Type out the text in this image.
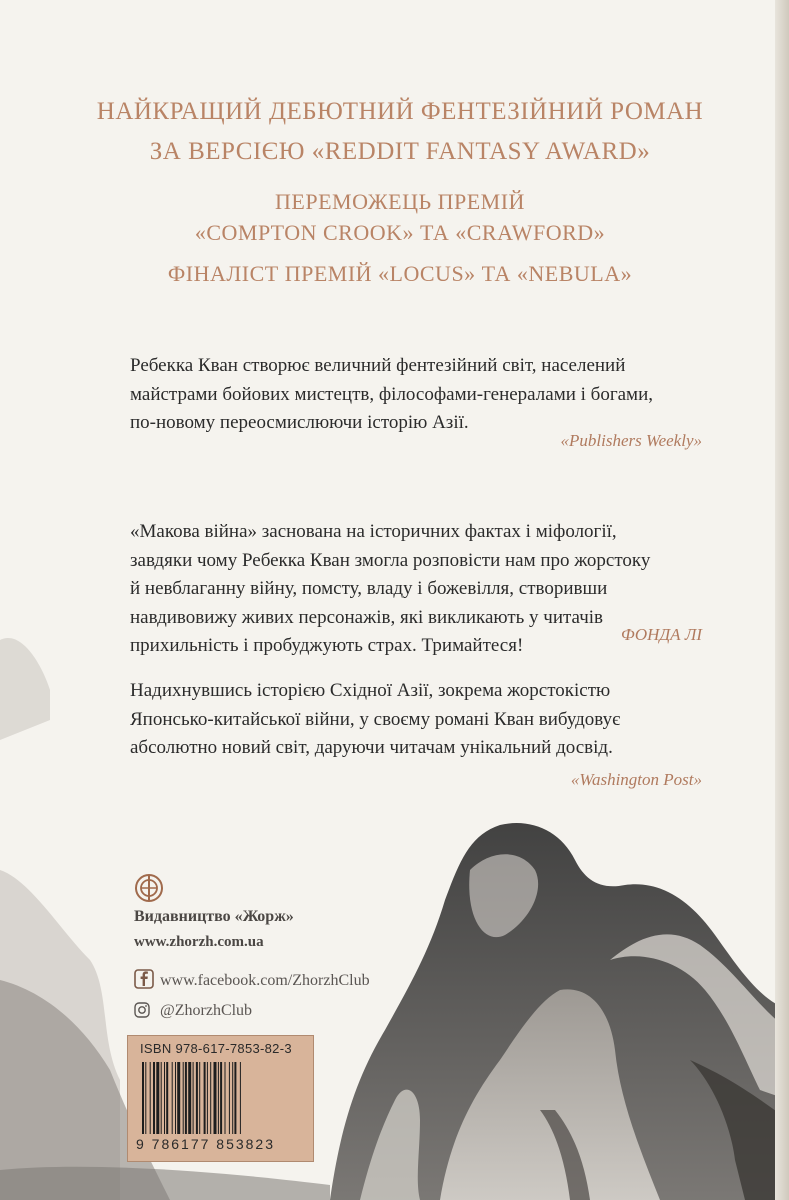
НАЙКРАЩИЙ ДЕБЮТНИЙ ФЕНТЕЗІЙНИЙ РОМАН
ЗА ВЕРСІЄЮ «REDDIT FANTASY AWARD»
ПЕРЕМОЖЕЦЬ ПРЕМІЙ
«COMPTON CROOK» ТА «CRAWFORD»
ФІНАЛІСТ ПРЕМІЙ «LOCUS» ТА «NEBULA»

Ребекка Кван створює величний фентезійний світ, населений

майстрами бойових мистецтв, філософами-генералами і богами,

по-новому переосмислюючи історію Азії.

«Publishers Weekly»

«Макова війна» заснована на історичних фактах і міфології,

завдяки чому Ребекка Кван змогла розповісти нам про жорстоку

й невблаганну війну, помсту, владу і божевілля, створивши

навдивовижу живих персонажів, які викликають у читачів

прихильність і пробуджують страх. Тримайтеся!

ФОНДА ЛІ

Надихнувшись історією Східної Азії, зокрема жорстокістю

Японсько-китайської війни, у своєму романі Кван вибудовує

абсолютно новий світ, даруючи читачам унікальний досвід.

«Washington Post»
Видавництво «Жорж»
www.zhorzh.com.ua
www.facebook.com/ZhorzhClub
@ZhorzhClub
ISBN 978-617-7853-82-3
9 786177 853823
